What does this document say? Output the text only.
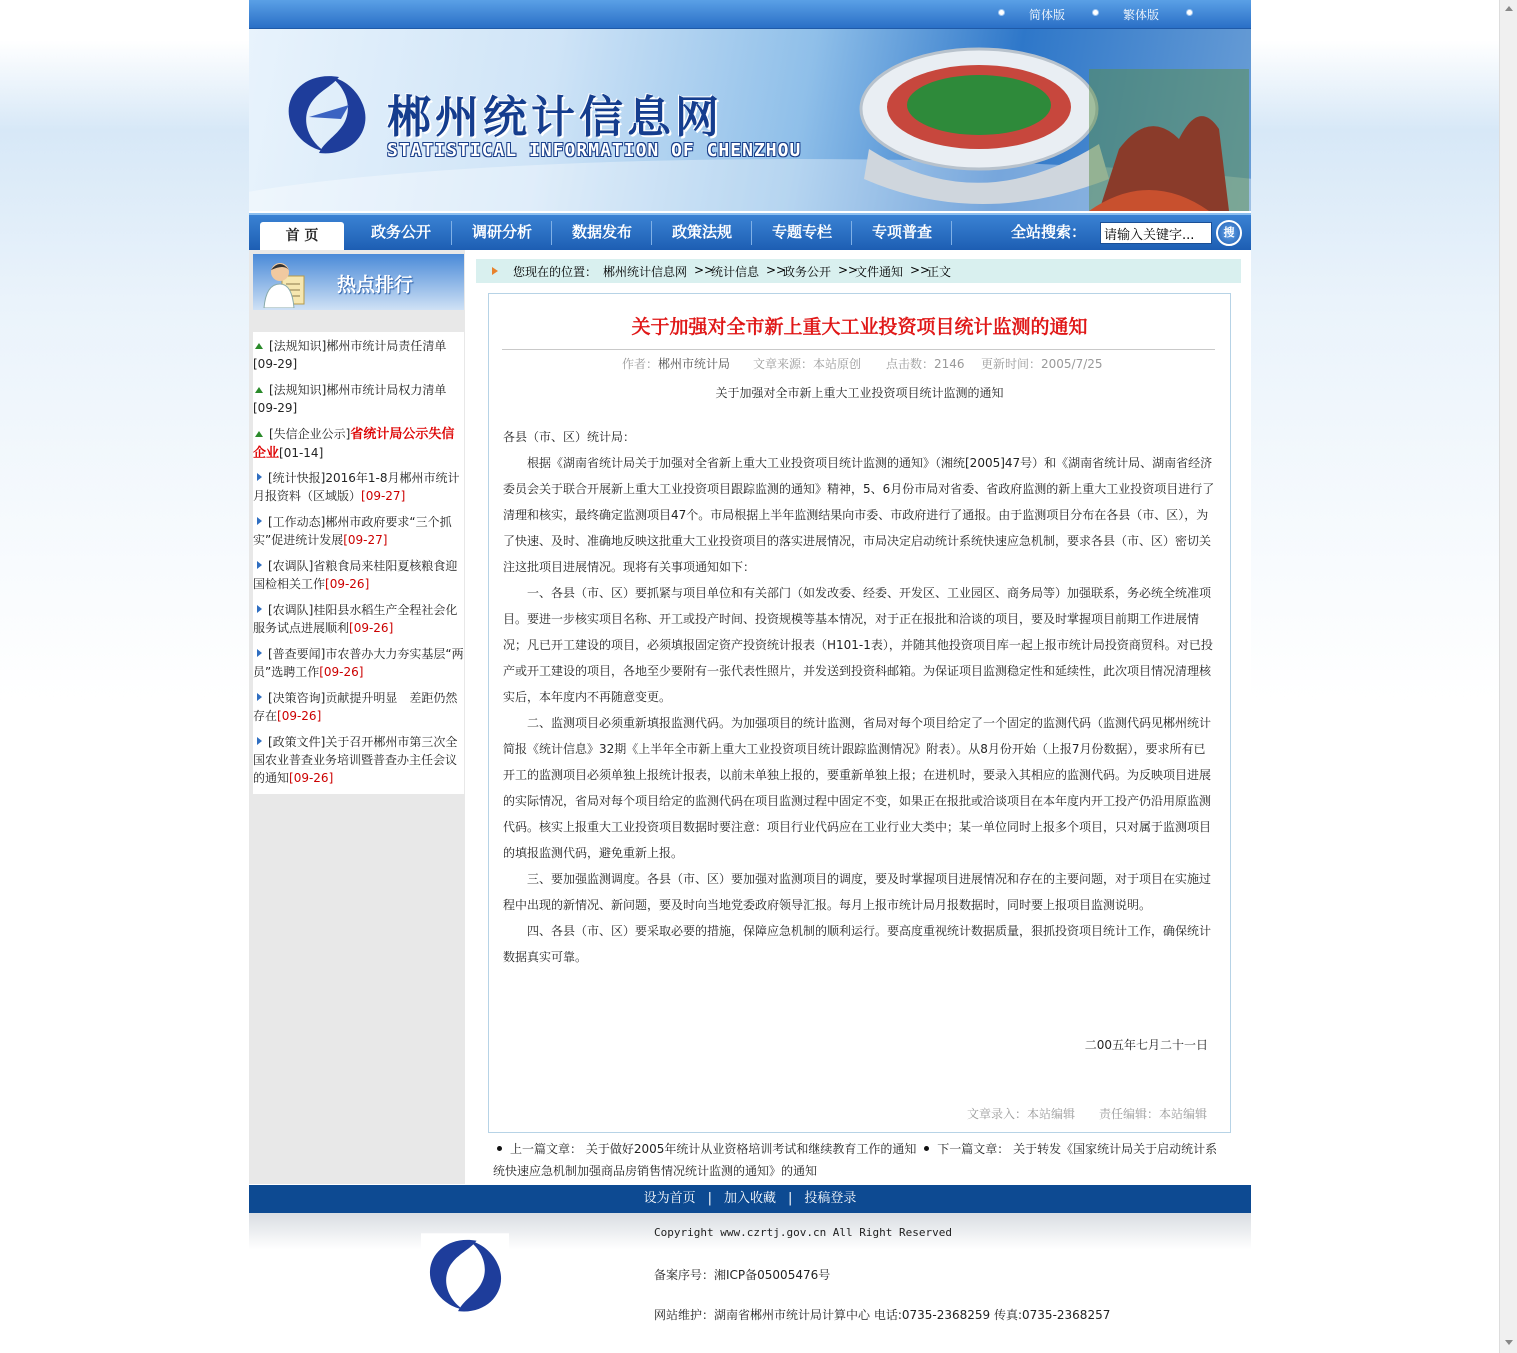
简体版	繁体版
郴州统计信息网
STATISTICAL INFORMATION OF CHENZHOU
首 页	政务公开	调研分析	数据发布	政策法规	专题专栏	专项普查	全站搜索：
请输入关键字...	搜
热点排行
[法规知识]郴州市统计局责任清单
[09-29]
[法规知识]郴州市统计局权力清单
[09-29]
[失信企业公示]省统计局公示失信企业[01-14]
[统计快报]2016年1-8月郴州市统计月报资料（区域版）[09-27]
[工作动态]郴州市政府要求“三个抓实”促进统计发展[09-27]
[农调队]省粮食局来桂阳夏核粮食迎国检相关工作[09-26]
[农调队]桂阳县水稻生产全程社会化服务试点进展顺利[09-26]
[普查要闻]市农普办大力夯实基层“两员”选聘工作[09-26]
[决策咨询]贡献提升明显　差距仍然存在[09-26]
[政策文件]关于召开郴州市第三次全国农业普查业务培训暨普查办主任会议的通知[09-26]
您现在的位置： 郴州统计信息网 >>
统计信息 >>
政务公开 >>
文件通知 >>
正文
关于加强对全市新上重大工业投资项目统计监测的通知
作者：郴州市统计局 文章来源：本站原创 点击数：2146 更新时间：2005/7/25
关于加强对全市新上重大工业投资项目统计监测的通知

各县（市、区）统计局：

　　根据《湖南省统计局关于加强对全省新上重大工业投资项目统计监测的通知》（湘统[2005]47号）和《湖南省统计局、湖南省经济委员会关于联合开展新上重大工业投资项目跟踪监测的通知》精神，5、6月份市局对省委、省政府监测的新上重大工业投资项目进行了清理和核实，最终确定监测项目47个。市局根据上半年监测结果向市委、市政府进行了通报。由于监测项目分布在各县（市、区），为了快速、及时、准确地反映这批重大工业投资项目的落实进展情况，市局决定启动统计系统快速应急机制，要求各县（市、区）密切关注这批项目进展情况。现将有关事项通知如下：

　　一、各县（市、区）要抓紧与项目单位和有关部门（如发改委、经委、开发区、工业园区、商务局等）加强联系，务必统全统准项目。要进一步核实项目名称、开工或投产时间、投资规模等基本情况，对于正在报批和洽谈的项目，要及时掌握项目前期工作进展情况；凡已开工建设的项目，必须填报固定资产投资统计报表（H101-1表），并随其他投资项目库一起上报市统计局投资商贸科。对已投产或开工建设的项目，各地至少要附有一张代表性照片，并发送到投资科邮箱。为保证项目监测稳定性和延续性，此次项目情况清理核实后，本年度内不再随意变更。

　　二、监测项目必须重新填报监测代码。为加强项目的统计监测，省局对每个项目给定了一个固定的监测代码（监测代码见郴州统计简报《统计信息》32期《上半年全市新上重大工业投资项目统计跟踪监测情况》附表）。从8月份开始（上报7月份数据），要求所有已开工的监测项目必须单独上报统计报表，以前未单独上报的，要重新单独上报；在进机时，要录入其相应的监测代码。为反映项目进展的实际情况，省局对每个项目给定的监测代码在项目监测过程中固定不变，如果正在报批或洽谈项目在本年度内开工投产仍沿用原监测代码。核实上报重大工业投资项目数据时要注意：项目行业代码应在工业行业大类中；某一单位同时上报多个项目，只对属于监测项目的填报监测代码，避免重新上报。

　　三、要加强监测调度。各县（市、区）要加强对监测项目的调度，要及时掌握项目进展情况和存在的主要问题，对于项目在实施过程中出现的新情况、新问题，要及时向当地党委政府领导汇报。每月上报市统计局月报数据时，同时要上报项目监测说明。

　　四、各县（市、区）要采取必要的措施，保障应急机制的顺利运行。要高度重视统计数据质量，狠抓投资项目统计工作，确保统计数据真实可靠。

二00五年七月二十一日
文章录入：本站编辑 责任编辑：本站编辑
上一篇文章： 关于做好2005年统计从业资格培训考试和继续教育工作的通知 下一篇文章： 关于转发《国家统计局关于启动统计系统快速应急机制加强商品房销售情况统计监测的通知》的通知
设为首页 | 加入收藏 | 投稿登录
Copyright www.czrtj.gov.cn All Right Reserved
备案序号：湘ICP备05005476号
网站维护：湖南省郴州市统计局计算中心 电话:0735-2368259 传真:0735-2368257
